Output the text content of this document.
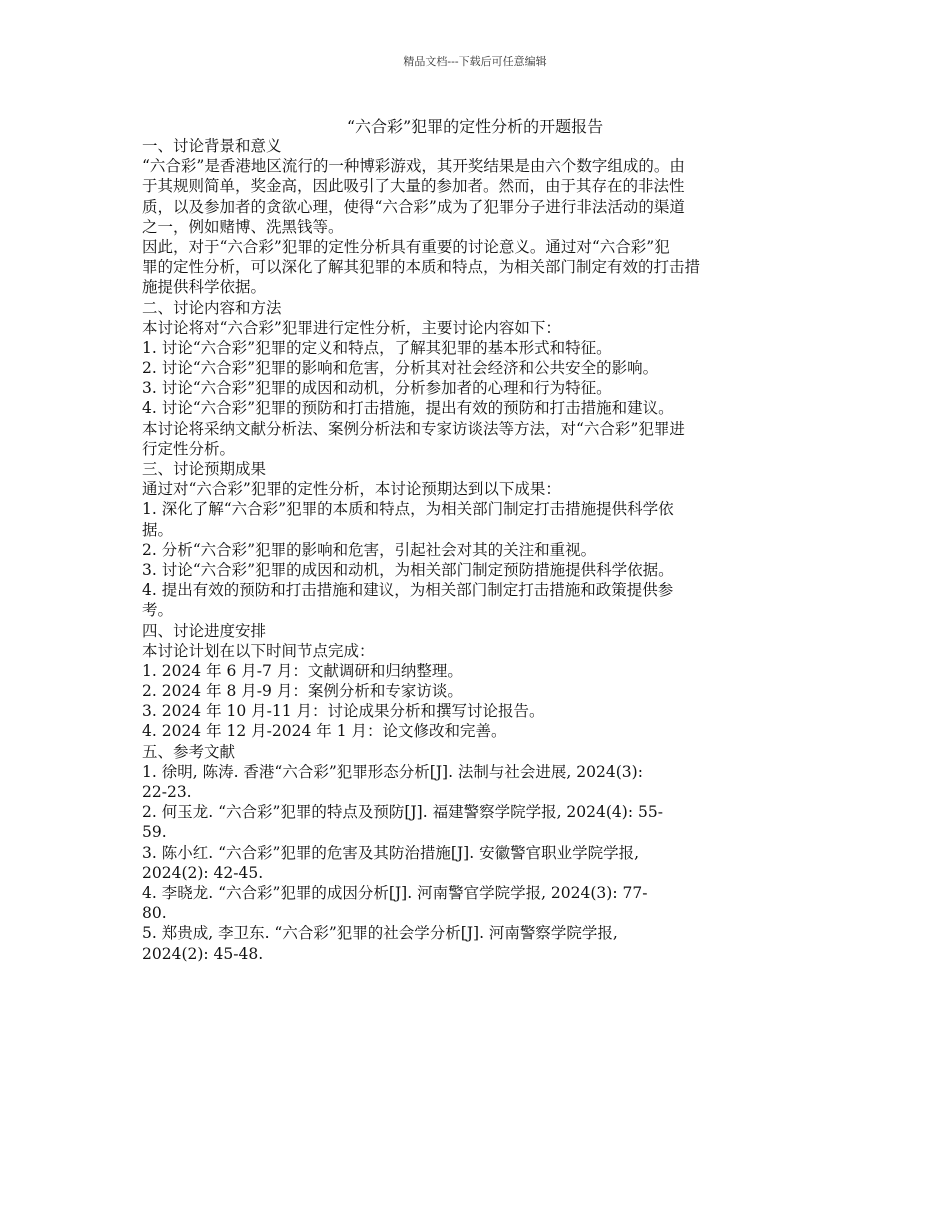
精品文档---下载后可任意编辑
“六合彩”犯罪的定性分析的开题报告
一、讨论背景和意义
“六合彩”是香港地区流行的一种博彩游戏，其开奖结果是由六个数字组成的。由
于其规则简单，奖金高，因此吸引了大量的参加者。然而，由于其存在的非法性
质，以及参加者的贪欲心理，使得“六合彩”成为了犯罪分子进行非法活动的渠道
之一，例如赌博、洗黑钱等。
因此，对于“六合彩”犯罪的定性分析具有重要的讨论意义。通过对“六合彩”犯
罪的定性分析，可以深化了解其犯罪的本质和特点，为相关部门制定有效的打击措
施提供科学依据。
二、讨论内容和方法
本讨论将对“六合彩”犯罪进行定性分析，主要讨论内容如下：
1. 讨论“六合彩”犯罪的定义和特点，了解其犯罪的基本形式和特征。
2. 讨论“六合彩”犯罪的影响和危害，分析其对社会经济和公共安全的影响。
3. 讨论“六合彩”犯罪的成因和动机，分析参加者的心理和行为特征。
4. 讨论“六合彩”犯罪的预防和打击措施，提出有效的预防和打击措施和建议。
本讨论将采纳文献分析法、案例分析法和专家访谈法等方法，对“六合彩”犯罪进
行定性分析。
三、讨论预期成果
通过对“六合彩”犯罪的定性分析，本讨论预期达到以下成果：
1. 深化了解“六合彩”犯罪的本质和特点，为相关部门制定打击措施提供科学依
据。
2. 分析“六合彩”犯罪的影响和危害，引起社会对其的关注和重视。
3. 讨论“六合彩”犯罪的成因和动机，为相关部门制定预防措施提供科学依据。
4. 提出有效的预防和打击措施和建议，为相关部门制定打击措施和政策提供参
考。
四、讨论进度安排
本讨论计划在以下时间节点完成：
1. 2024 年 6 月-7 月：文献调研和归纳整理。
2. 2024 年 8 月-9 月：案例分析和专家访谈。
3. 2024 年 10 月-11 月：讨论成果分析和撰写讨论报告。
4. 2024 年 12 月-2024 年 1 月：论文修改和完善。
五、参考文献
1. 徐明, 陈涛. 香港“六合彩”犯罪形态分析[J]. 法制与社会进展, 2024(3):
22-23.
2. 何玉龙. “六合彩”犯罪的特点及预防[J]. 福建警察学院学报, 2024(4): 55-
59.
3. 陈小红. “六合彩”犯罪的危害及其防治措施[J]. 安徽警官职业学院学报,
2024(2): 42-45.
4. 李晓龙. “六合彩”犯罪的成因分析[J]. 河南警官学院学报, 2024(3): 77-
80.
5. 郑贵成, 李卫东. “六合彩”犯罪的社会学分析[J]. 河南警察学院学报,
2024(2): 45-48.
